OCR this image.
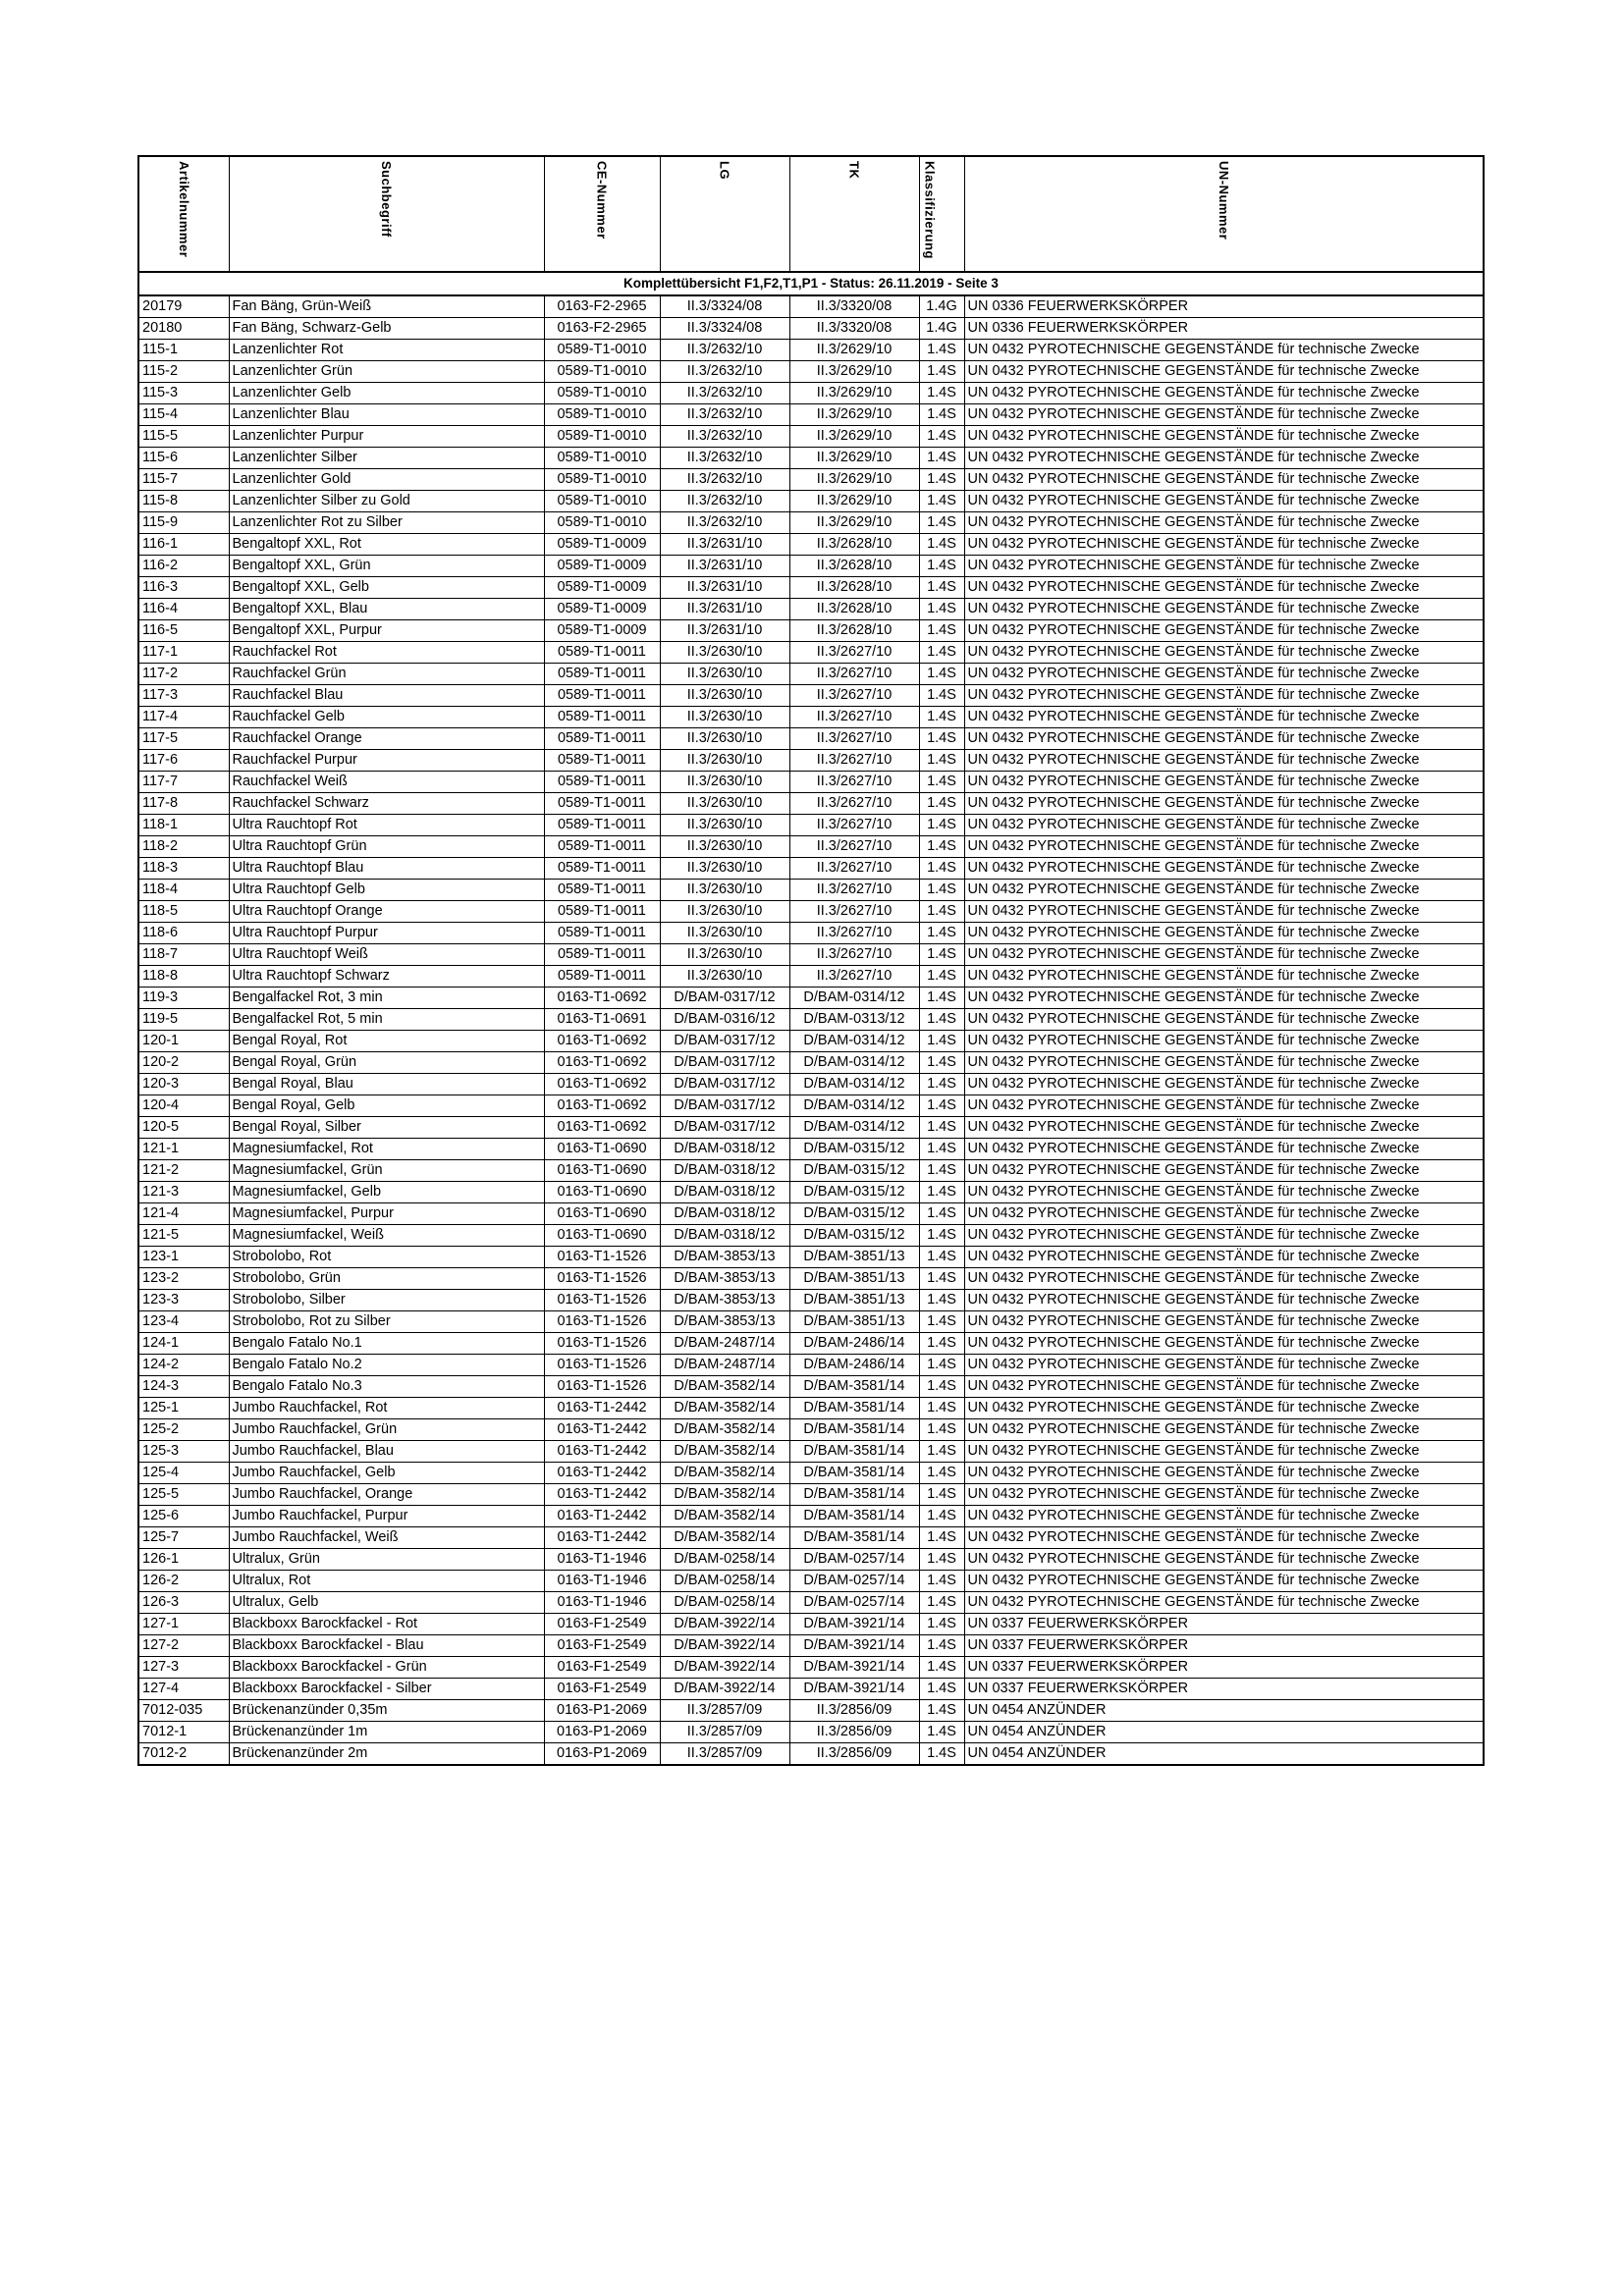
Artikelnummer	Suchbegriff	CE-Nummer	LG	TK	Klassifizierung	UN-Nummer
Komplettübersicht F1,F2,T1,P1 - Status: 26.11.2019 - Seite 3						
20179	Fan Bäng, Grün-Weiß	0163-F2-2965	II.3/3324/08	II.3/3320/08	1.4G	UN 0336 FEUERWERKSKÖRPER
20180	Fan Bäng, Schwarz-Gelb	0163-F2-2965	II.3/3324/08	II.3/3320/08	1.4G	UN 0336 FEUERWERKSKÖRPER
115-1	Lanzenlichter Rot	0589-T1-0010	II.3/2632/10	II.3/2629/10	1.4S	UN 0432 PYROTECHNISCHE GEGENSTÄNDE für technische Zwecke
115-2	Lanzenlichter Grün	0589-T1-0010	II.3/2632/10	II.3/2629/10	1.4S	UN 0432 PYROTECHNISCHE GEGENSTÄNDE für technische Zwecke
115-3	Lanzenlichter Gelb	0589-T1-0010	II.3/2632/10	II.3/2629/10	1.4S	UN 0432 PYROTECHNISCHE GEGENSTÄNDE für technische Zwecke
115-4	Lanzenlichter Blau	0589-T1-0010	II.3/2632/10	II.3/2629/10	1.4S	UN 0432 PYROTECHNISCHE GEGENSTÄNDE für technische Zwecke
115-5	Lanzenlichter Purpur	0589-T1-0010	II.3/2632/10	II.3/2629/10	1.4S	UN 0432 PYROTECHNISCHE GEGENSTÄNDE für technische Zwecke
115-6	Lanzenlichter Silber	0589-T1-0010	II.3/2632/10	II.3/2629/10	1.4S	UN 0432 PYROTECHNISCHE GEGENSTÄNDE für technische Zwecke
115-7	Lanzenlichter Gold	0589-T1-0010	II.3/2632/10	II.3/2629/10	1.4S	UN 0432 PYROTECHNISCHE GEGENSTÄNDE für technische Zwecke
115-8	Lanzenlichter Silber zu Gold	0589-T1-0010	II.3/2632/10	II.3/2629/10	1.4S	UN 0432 PYROTECHNISCHE GEGENSTÄNDE für technische Zwecke
115-9	Lanzenlichter Rot zu Silber	0589-T1-0010	II.3/2632/10	II.3/2629/10	1.4S	UN 0432 PYROTECHNISCHE GEGENSTÄNDE für technische Zwecke
116-1	Bengaltopf XXL, Rot	0589-T1-0009	II.3/2631/10	II.3/2628/10	1.4S	UN 0432 PYROTECHNISCHE GEGENSTÄNDE für technische Zwecke
116-2	Bengaltopf XXL, Grün	0589-T1-0009	II.3/2631/10	II.3/2628/10	1.4S	UN 0432 PYROTECHNISCHE GEGENSTÄNDE für technische Zwecke
116-3	Bengaltopf XXL, Gelb	0589-T1-0009	II.3/2631/10	II.3/2628/10	1.4S	UN 0432 PYROTECHNISCHE GEGENSTÄNDE für technische Zwecke
116-4	Bengaltopf XXL, Blau	0589-T1-0009	II.3/2631/10	II.3/2628/10	1.4S	UN 0432 PYROTECHNISCHE GEGENSTÄNDE für technische Zwecke
116-5	Bengaltopf XXL, Purpur	0589-T1-0009	II.3/2631/10	II.3/2628/10	1.4S	UN 0432 PYROTECHNISCHE GEGENSTÄNDE für technische Zwecke
117-1	Rauchfackel Rot	0589-T1-0011	II.3/2630/10	II.3/2627/10	1.4S	UN 0432 PYROTECHNISCHE GEGENSTÄNDE für technische Zwecke
117-2	Rauchfackel Grün	0589-T1-0011	II.3/2630/10	II.3/2627/10	1.4S	UN 0432 PYROTECHNISCHE GEGENSTÄNDE für technische Zwecke
117-3	Rauchfackel Blau	0589-T1-0011	II.3/2630/10	II.3/2627/10	1.4S	UN 0432 PYROTECHNISCHE GEGENSTÄNDE für technische Zwecke
117-4	Rauchfackel Gelb	0589-T1-0011	II.3/2630/10	II.3/2627/10	1.4S	UN 0432 PYROTECHNISCHE GEGENSTÄNDE für technische Zwecke
117-5	Rauchfackel Orange	0589-T1-0011	II.3/2630/10	II.3/2627/10	1.4S	UN 0432 PYROTECHNISCHE GEGENSTÄNDE für technische Zwecke
117-6	Rauchfackel Purpur	0589-T1-0011	II.3/2630/10	II.3/2627/10	1.4S	UN 0432 PYROTECHNISCHE GEGENSTÄNDE für technische Zwecke
117-7	Rauchfackel Weiß	0589-T1-0011	II.3/2630/10	II.3/2627/10	1.4S	UN 0432 PYROTECHNISCHE GEGENSTÄNDE für technische Zwecke
117-8	Rauchfackel Schwarz	0589-T1-0011	II.3/2630/10	II.3/2627/10	1.4S	UN 0432 PYROTECHNISCHE GEGENSTÄNDE für technische Zwecke
118-1	Ultra Rauchtopf Rot	0589-T1-0011	II.3/2630/10	II.3/2627/10	1.4S	UN 0432 PYROTECHNISCHE GEGENSTÄNDE für technische Zwecke
118-2	Ultra Rauchtopf Grün	0589-T1-0011	II.3/2630/10	II.3/2627/10	1.4S	UN 0432 PYROTECHNISCHE GEGENSTÄNDE für technische Zwecke
118-3	Ultra Rauchtopf Blau	0589-T1-0011	II.3/2630/10	II.3/2627/10	1.4S	UN 0432 PYROTECHNISCHE GEGENSTÄNDE für technische Zwecke
118-4	Ultra Rauchtopf Gelb	0589-T1-0011	II.3/2630/10	II.3/2627/10	1.4S	UN 0432 PYROTECHNISCHE GEGENSTÄNDE für technische Zwecke
118-5	Ultra Rauchtopf Orange	0589-T1-0011	II.3/2630/10	II.3/2627/10	1.4S	UN 0432 PYROTECHNISCHE GEGENSTÄNDE für technische Zwecke
118-6	Ultra Rauchtopf Purpur	0589-T1-0011	II.3/2630/10	II.3/2627/10	1.4S	UN 0432 PYROTECHNISCHE GEGENSTÄNDE für technische Zwecke
118-7	Ultra Rauchtopf Weiß	0589-T1-0011	II.3/2630/10	II.3/2627/10	1.4S	UN 0432 PYROTECHNISCHE GEGENSTÄNDE für technische Zwecke
118-8	Ultra Rauchtopf Schwarz	0589-T1-0011	II.3/2630/10	II.3/2627/10	1.4S	UN 0432 PYROTECHNISCHE GEGENSTÄNDE für technische Zwecke
119-3	Bengalfackel Rot, 3 min	0163-T1-0692	D/BAM-0317/12	D/BAM-0314/12	1.4S	UN 0432 PYROTECHNISCHE GEGENSTÄNDE für technische Zwecke
119-5	Bengalfackel Rot, 5 min	0163-T1-0691	D/BAM-0316/12	D/BAM-0313/12	1.4S	UN 0432 PYROTECHNISCHE GEGENSTÄNDE für technische Zwecke
120-1	Bengal Royal, Rot	0163-T1-0692	D/BAM-0317/12	D/BAM-0314/12	1.4S	UN 0432 PYROTECHNISCHE GEGENSTÄNDE für technische Zwecke
120-2	Bengal Royal, Grün	0163-T1-0692	D/BAM-0317/12	D/BAM-0314/12	1.4S	UN 0432 PYROTECHNISCHE GEGENSTÄNDE für technische Zwecke
120-3	Bengal Royal, Blau	0163-T1-0692	D/BAM-0317/12	D/BAM-0314/12	1.4S	UN 0432 PYROTECHNISCHE GEGENSTÄNDE für technische Zwecke
120-4	Bengal Royal, Gelb	0163-T1-0692	D/BAM-0317/12	D/BAM-0314/12	1.4S	UN 0432 PYROTECHNISCHE GEGENSTÄNDE für technische Zwecke
120-5	Bengal Royal, Silber	0163-T1-0692	D/BAM-0317/12	D/BAM-0314/12	1.4S	UN 0432 PYROTECHNISCHE GEGENSTÄNDE für technische Zwecke
121-1	Magnesiumfackel, Rot	0163-T1-0690	D/BAM-0318/12	D/BAM-0315/12	1.4S	UN 0432 PYROTECHNISCHE GEGENSTÄNDE für technische Zwecke
121-2	Magnesiumfackel, Grün	0163-T1-0690	D/BAM-0318/12	D/BAM-0315/12	1.4S	UN 0432 PYROTECHNISCHE GEGENSTÄNDE für technische Zwecke
121-3	Magnesiumfackel, Gelb	0163-T1-0690	D/BAM-0318/12	D/BAM-0315/12	1.4S	UN 0432 PYROTECHNISCHE GEGENSTÄNDE für technische Zwecke
121-4	Magnesiumfackel, Purpur	0163-T1-0690	D/BAM-0318/12	D/BAM-0315/12	1.4S	UN 0432 PYROTECHNISCHE GEGENSTÄNDE für technische Zwecke
121-5	Magnesiumfackel, Weiß	0163-T1-0690	D/BAM-0318/12	D/BAM-0315/12	1.4S	UN 0432 PYROTECHNISCHE GEGENSTÄNDE für technische Zwecke
123-1	Strobolobo, Rot	0163-T1-1526	D/BAM-3853/13	D/BAM-3851/13	1.4S	UN 0432 PYROTECHNISCHE GEGENSTÄNDE für technische Zwecke
123-2	Strobolobo, Grün	0163-T1-1526	D/BAM-3853/13	D/BAM-3851/13	1.4S	UN 0432 PYROTECHNISCHE GEGENSTÄNDE für technische Zwecke
123-3	Strobolobo, Silber	0163-T1-1526	D/BAM-3853/13	D/BAM-3851/13	1.4S	UN 0432 PYROTECHNISCHE GEGENSTÄNDE für technische Zwecke
123-4	Strobolobo, Rot zu Silber	0163-T1-1526	D/BAM-3853/13	D/BAM-3851/13	1.4S	UN 0432 PYROTECHNISCHE GEGENSTÄNDE für technische Zwecke
124-1	Bengalo Fatalo No.1	0163-T1-1526	D/BAM-2487/14	D/BAM-2486/14	1.4S	UN 0432 PYROTECHNISCHE GEGENSTÄNDE für technische Zwecke
124-2	Bengalo Fatalo No.2	0163-T1-1526	D/BAM-2487/14	D/BAM-2486/14	1.4S	UN 0432 PYROTECHNISCHE GEGENSTÄNDE für technische Zwecke
124-3	Bengalo Fatalo No.3	0163-T1-1526	D/BAM-3582/14	D/BAM-3581/14	1.4S	UN 0432 PYROTECHNISCHE GEGENSTÄNDE für technische Zwecke
125-1	Jumbo Rauchfackel, Rot	0163-T1-2442	D/BAM-3582/14	D/BAM-3581/14	1.4S	UN 0432 PYROTECHNISCHE GEGENSTÄNDE für technische Zwecke
125-2	Jumbo Rauchfackel, Grün	0163-T1-2442	D/BAM-3582/14	D/BAM-3581/14	1.4S	UN 0432 PYROTECHNISCHE GEGENSTÄNDE für technische Zwecke
125-3	Jumbo Rauchfackel, Blau	0163-T1-2442	D/BAM-3582/14	D/BAM-3581/14	1.4S	UN 0432 PYROTECHNISCHE GEGENSTÄNDE für technische Zwecke
125-4	Jumbo Rauchfackel, Gelb	0163-T1-2442	D/BAM-3582/14	D/BAM-3581/14	1.4S	UN 0432 PYROTECHNISCHE GEGENSTÄNDE für technische Zwecke
125-5	Jumbo Rauchfackel, Orange	0163-T1-2442	D/BAM-3582/14	D/BAM-3581/14	1.4S	UN 0432 PYROTECHNISCHE GEGENSTÄNDE für technische Zwecke
125-6	Jumbo Rauchfackel, Purpur	0163-T1-2442	D/BAM-3582/14	D/BAM-3581/14	1.4S	UN 0432 PYROTECHNISCHE GEGENSTÄNDE für technische Zwecke
125-7	Jumbo Rauchfackel, Weiß	0163-T1-2442	D/BAM-3582/14	D/BAM-3581/14	1.4S	UN 0432 PYROTECHNISCHE GEGENSTÄNDE für technische Zwecke
126-1	Ultralux, Grün	0163-T1-1946	D/BAM-0258/14	D/BAM-0257/14	1.4S	UN 0432 PYROTECHNISCHE GEGENSTÄNDE für technische Zwecke
126-2	Ultralux, Rot	0163-T1-1946	D/BAM-0258/14	D/BAM-0257/14	1.4S	UN 0432 PYROTECHNISCHE GEGENSTÄNDE für technische Zwecke
126-3	Ultralux, Gelb	0163-T1-1946	D/BAM-0258/14	D/BAM-0257/14	1.4S	UN 0432 PYROTECHNISCHE GEGENSTÄNDE für technische Zwecke
127-1	Blackboxx Barockfackel - Rot	0163-F1-2549	D/BAM-3922/14	D/BAM-3921/14	1.4S	UN 0337 FEUERWERKSKÖRPER
127-2	Blackboxx Barockfackel - Blau	0163-F1-2549	D/BAM-3922/14	D/BAM-3921/14	1.4S	UN 0337 FEUERWERKSKÖRPER
127-3	Blackboxx Barockfackel - Grün	0163-F1-2549	D/BAM-3922/14	D/BAM-3921/14	1.4S	UN 0337 FEUERWERKSKÖRPER
127-4	Blackboxx Barockfackel - Silber	0163-F1-2549	D/BAM-3922/14	D/BAM-3921/14	1.4S	UN 0337 FEUERWERKSKÖRPER
7012-035	Brückenanzünder 0,35m	0163-P1-2069	II.3/2857/09	II.3/2856/09	1.4S	UN 0454 ANZÜNDER
7012-1	Brückenanzünder 1m	0163-P1-2069	II.3/2857/09	II.3/2856/09	1.4S	UN 0454 ANZÜNDER
7012-2	Brückenanzünder 2m	0163-P1-2069	II.3/2857/09	II.3/2856/09	1.4S	UN 0454 ANZÜNDER
